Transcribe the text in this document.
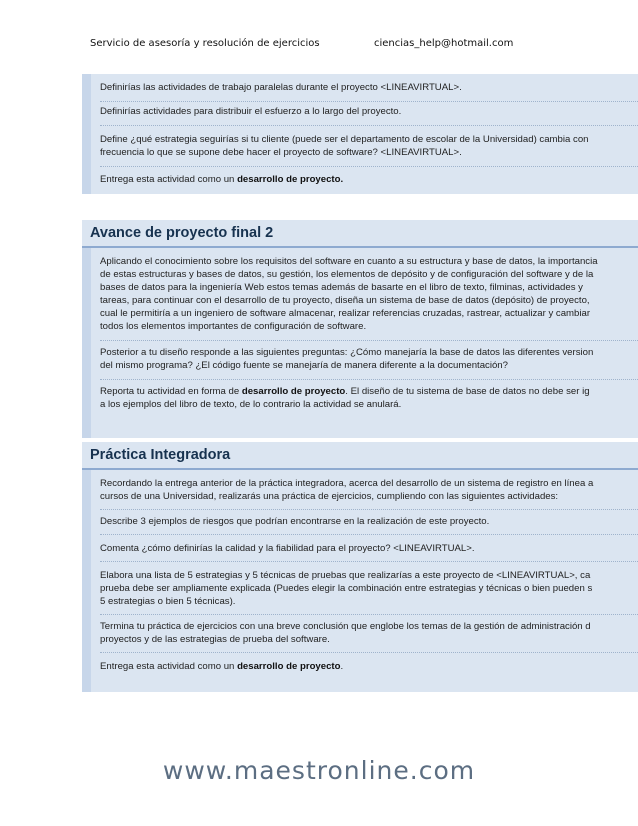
Servicio de asesoría y resolución de ejercicios	ciencias_help@hotmail.com
Definirías las actividades de trabajo paralelas durante el proyecto <LINEAVIRTUAL>.
Definirías actividades para distribuir el esfuerzo a lo largo del proyecto.
Define ¿qué estrategia seguirías si tu cliente (puede ser el departamento de escolar de la Universidad) cambia con
frecuencia lo que se supone debe hacer el proyecto de software? <LINEAVIRTUAL>.
Entrega esta actividad como un desarrollo de proyecto.
Avance de proyecto final 2
Aplicando el conocimiento sobre los requisitos del software en cuanto a su estructura y base de datos, la importancia
de estas estructuras y bases de datos, su gestión, los elementos de depósito y de configuración del software y de la
bases de datos para la ingeniería Web estos temas además de basarte en el libro de texto, filminas, actividades y
tareas, para continuar con el desarrollo de tu proyecto, diseña un sistema de base de datos (depósito) de proyecto,
cual le permitiría a un ingeniero de software almacenar, realizar referencias cruzadas, rastrear, actualizar y cambiar
todos los elementos importantes de configuración de software.
Posterior a tu diseño responde a las siguientes preguntas: ¿Cómo manejaría la base de datos las diferentes version
del mismo programa? ¿El código fuente se manejaría de manera diferente a la documentación?
Reporta tu actividad en forma de desarrollo de proyecto. El diseño de tu sistema de base de datos no debe ser ig
a los ejemplos del libro de texto, de lo contrario la actividad se anulará.
Práctica Integradora
Recordando la entrega anterior de la práctica integradora, acerca del desarrollo de un sistema de registro en línea a
cursos de una Universidad, realizarás una práctica de ejercicios, cumpliendo con las siguientes actividades:
Describe 3 ejemplos de riesgos que podrían encontrarse en la realización de este proyecto.
Comenta ¿cómo definirías la calidad y la fiabilidad para el proyecto? <LINEAVIRTUAL>.
Elabora una lista de 5 estrategias y 5 técnicas de pruebas que realizarías a este proyecto de <LINEAVIRTUAL>, ca
prueba debe ser ampliamente explicada (Puedes elegir la combinación entre estrategias y técnicas o bien pueden s
5 estrategias o bien 5 técnicas).
Termina tu práctica de ejercicios con una breve conclusión que englobe los temas de la gestión de administración d
proyectos y de las estrategias de prueba del software.
Entrega esta actividad como un desarrollo de proyecto.
www.maestronline.com
